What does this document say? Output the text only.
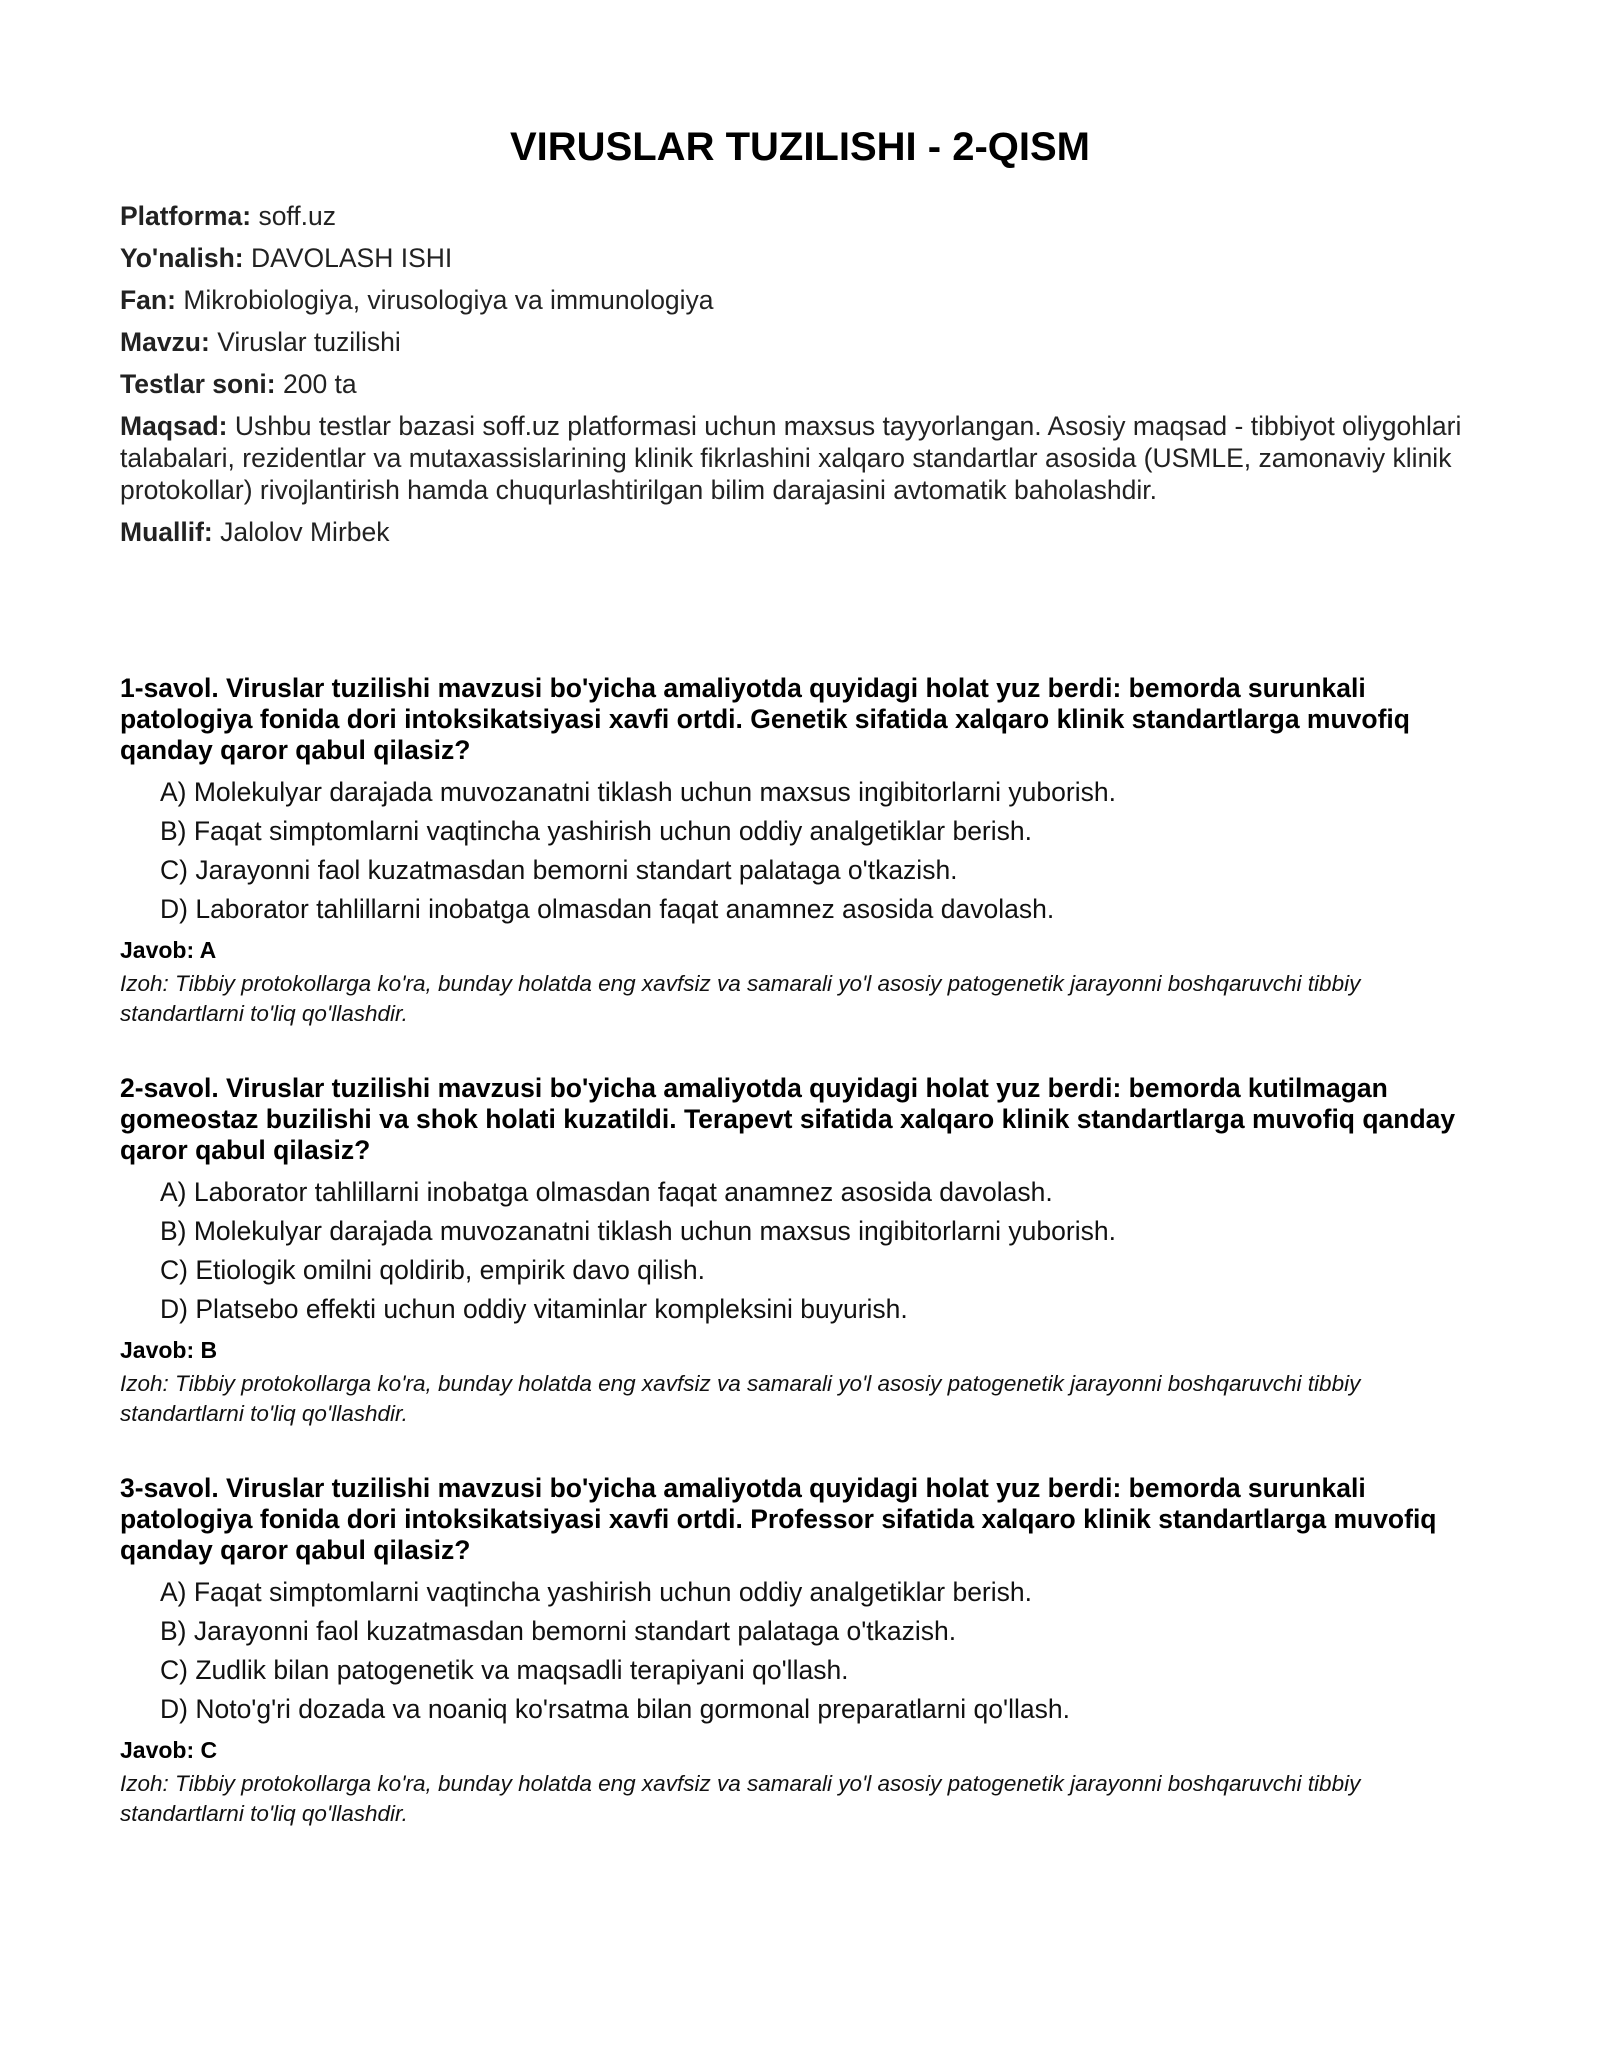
VIRUSLAR TUZILISHI - 2-QISM
Platforma: soff.uz
Yo'nalish: DAVOLASH ISHI
Fan: Mikrobiologiya, virusologiya va immunologiya
Mavzu: Viruslar tuzilishi
Testlar soni: 200 ta
Maqsad: Ushbu testlar bazasi soff.uz platformasi uchun maxsus tayyorlangan. Asosiy maqsad - tibbiyot oliygohlari talabalari, rezidentlar va mutaxassislarining klinik fikrlashini xalqaro standartlar asosida (USMLE, zamonaviy klinik protokollar) rivojlantirish hamda chuqurlashtirilgan bilim darajasini avtomatik baholashdir.
Muallif: Jalolov Mirbek
1-savol. Viruslar tuzilishi mavzusi bo'yicha amaliyotda quyidagi holat yuz berdi: bemorda surunkali patologiya fonida dori intoksikatsiyasi xavfi ortdi. Genetik sifatida xalqaro klinik standartlarga muvofiq qanday qaror qabul qilasiz?
A) Molekulyar darajada muvozanatni tiklash uchun maxsus ingibitorlarni yuborish.
B) Faqat simptomlarni vaqtincha yashirish uchun oddiy analgetiklar berish.
C) Jarayonni faol kuzatmasdan bemorni standart palataga o'tkazish.
D) Laborator tahlillarni inobatga olmasdan faqat anamnez asosida davolash.
Javob: A
Izoh: Tibbiy protokollarga ko'ra, bunday holatda eng xavfsiz va samarali yo'l asosiy patogenetik jarayonni boshqaruvchi tibbiy standartlarni to'liq qo'llashdir.
2-savol. Viruslar tuzilishi mavzusi bo'yicha amaliyotda quyidagi holat yuz berdi: bemorda kutilmagan gomeostaz buzilishi va shok holati kuzatildi. Terapevt sifatida xalqaro klinik standartlarga muvofiq qanday qaror qabul qilasiz?
A) Laborator tahlillarni inobatga olmasdan faqat anamnez asosida davolash.
B) Molekulyar darajada muvozanatni tiklash uchun maxsus ingibitorlarni yuborish.
C) Etiologik omilni qoldirib, empirik davo qilish.
D) Platsebo effekti uchun oddiy vitaminlar kompleksini buyurish.
Javob: B
Izoh: Tibbiy protokollarga ko'ra, bunday holatda eng xavfsiz va samarali yo'l asosiy patogenetik jarayonni boshqaruvchi tibbiy standartlarni to'liq qo'llashdir.
3-savol. Viruslar tuzilishi mavzusi bo'yicha amaliyotda quyidagi holat yuz berdi: bemorda surunkali patologiya fonida dori intoksikatsiyasi xavfi ortdi. Professor sifatida xalqaro klinik standartlarga muvofiq qanday qaror qabul qilasiz?
A) Faqat simptomlarni vaqtincha yashirish uchun oddiy analgetiklar berish.
B) Jarayonni faol kuzatmasdan bemorni standart palataga o'tkazish.
C) Zudlik bilan patogenetik va maqsadli terapiyani qo'llash.
D) Noto'g'ri dozada va noaniq ko'rsatma bilan gormonal preparatlarni qo'llash.
Javob: C
Izoh: Tibbiy protokollarga ko'ra, bunday holatda eng xavfsiz va samarali yo'l asosiy patogenetik jarayonni boshqaruvchi tibbiy standartlarni to'liq qo'llashdir.
